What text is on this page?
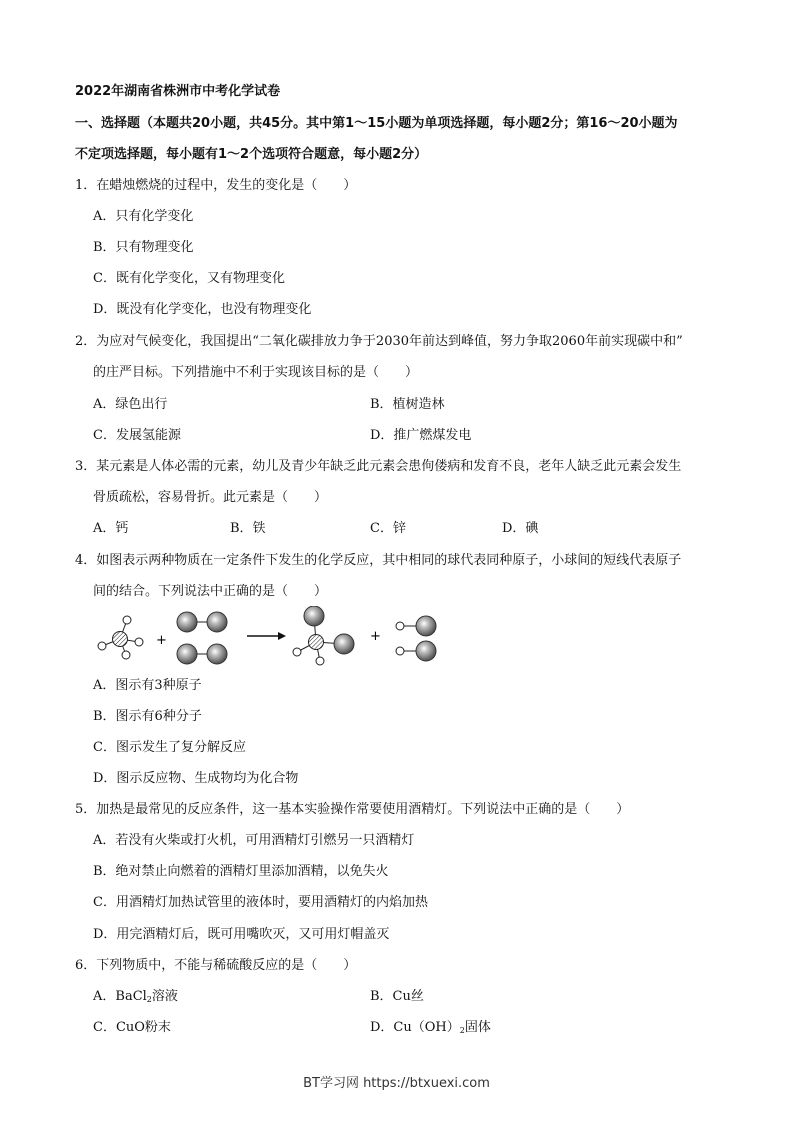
2022年湖南省株洲市中考化学试卷
一、选择题（本题共20小题，共45分。其中第1～15小题为单项选择题，每小题2分；第16～20小题为
不定项选择题，每小题有1～2个选项符合题意，每小题2分）
1．在蜡烛燃烧的过程中，发生的变化是（　　）
A．只有化学变化
B．只有物理变化
C．既有化学变化，又有物理变化
D．既没有化学变化，也没有物理变化
2．为应对气候变化，我国提出“二氧化碳排放力争于2030年前达到峰值，努力争取2060年前实现碳中和”
的庄严目标。下列措施中不利于实现该目标的是（　　）
A．绿色出行	B．植树造林
C．发展氢能源	D．推广燃煤发电
3．某元素是人体必需的元素，幼儿及青少年缺乏此元素会患佝偻病和发育不良，老年人缺乏此元素会发生
骨质疏松，容易骨折。此元素是（　　）
A．钙	B．铁	C．锌	D．碘
4．如图表示两种物质在一定条件下发生的化学反应，其中相同的球代表同种原子，小球间的短线代表原子
间的结合。下列说法中正确的是（　　）
+	+
A．图示有3种原子
B．图示有6种分子
C．图示发生了复分解反应
D．图示反应物、生成物均为化合物
5．加热是最常见的反应条件，这一基本实验操作常要使用酒精灯。下列说法中正确的是（　　）
A．若没有火柴或打火机，可用酒精灯引燃另一只酒精灯
B．绝对禁止向燃着的酒精灯里添加酒精，以免失火
C．用酒精灯加热试管里的液体时，要用酒精灯的内焰加热
D．用完酒精灯后，既可用嘴吹灭，又可用灯帽盖灭
6．下列物质中，不能与稀硫酸反应的是（　　）
A．BaCl$_2$溶液	B．Cu丝
C．CuO粉末	D．$Cu(OH)_2$固体
BT学习网 https://btxuexi.com
